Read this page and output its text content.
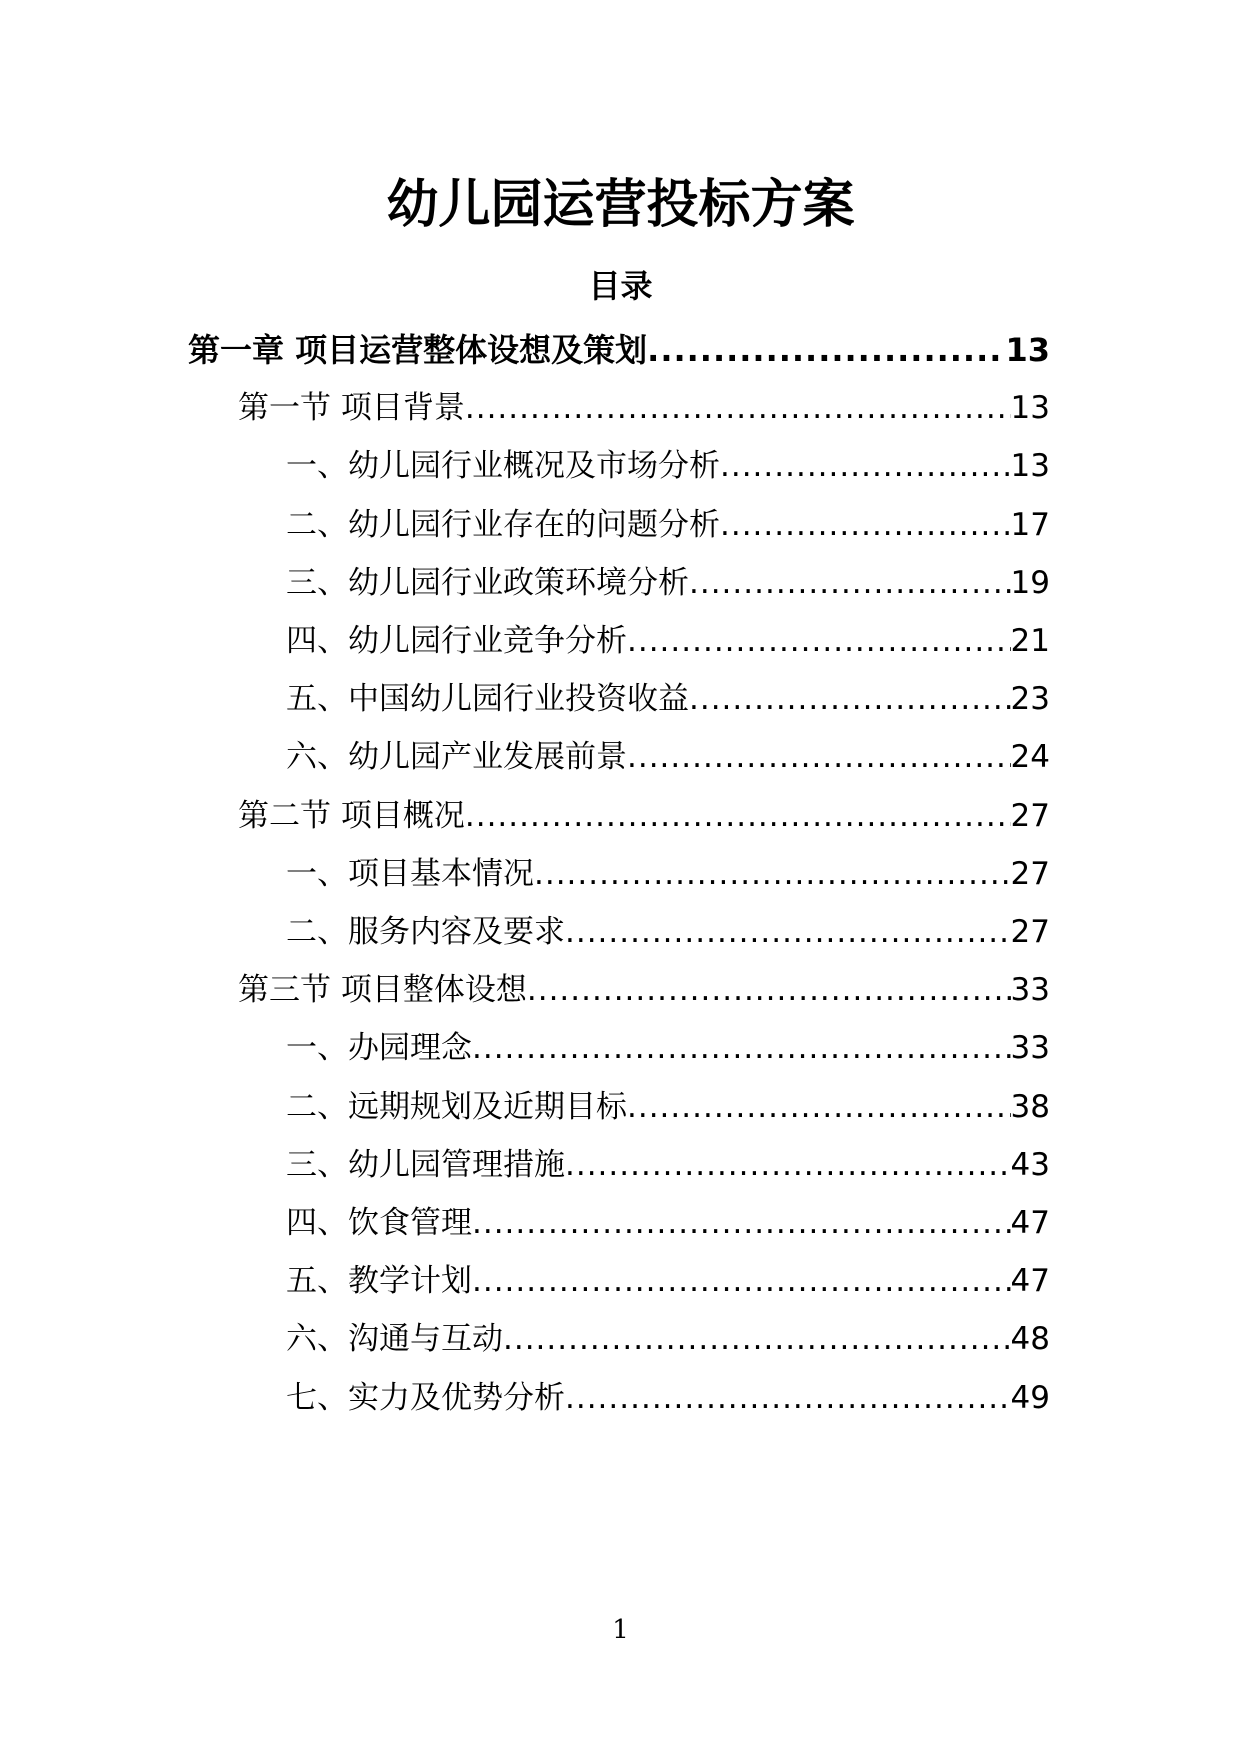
幼儿园运营投标方案
目录
第一章 项目运营整体设想及策划 .....	13
第一节 项目背景 .....	13
一、幼儿园行业概况及市场分析 .....	13
二、幼儿园行业存在的问题分析 .....	17
三、幼儿园行业政策环境分析 .....	19
四、幼儿园行业竞争分析 .....	21
五、中国幼儿园行业投资收益 .....	23
六、幼儿园产业发展前景 .....	24
第二节 项目概况 .....	27
一、项目基本情况 .....	27
二、服务内容及要求 .....	27
第三节 项目整体设想 .....	33
一、办园理念 .....	33
二、远期规划及近期目标 .....	38
三、幼儿园管理措施 .....	43
四、饮食管理 .....	47
五、教学计划 .....	47
六、沟通与互动 .....	48
七、实力及优势分析 .....	49
1
